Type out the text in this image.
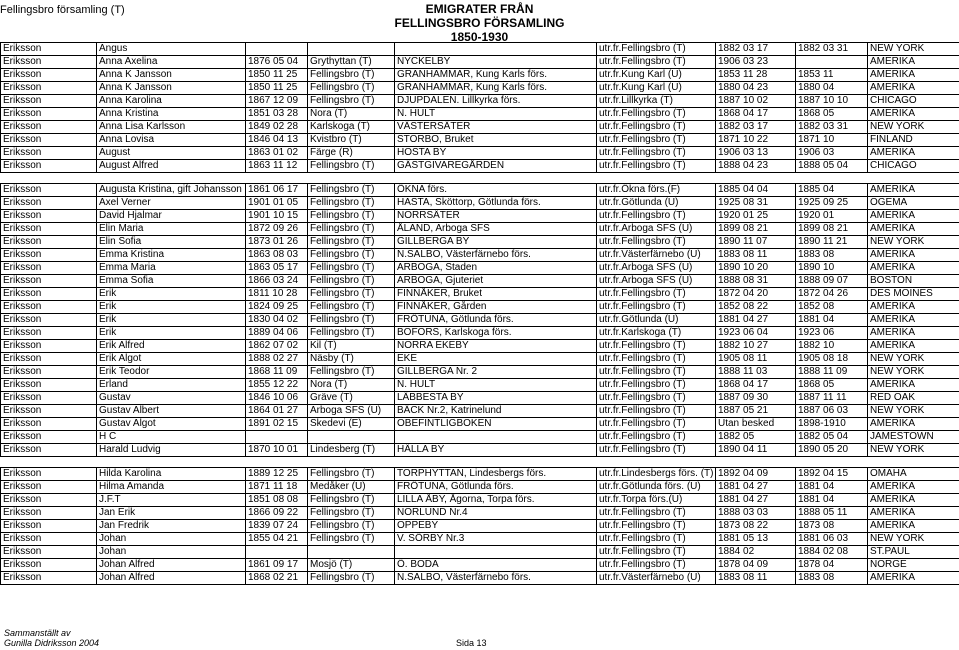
Fellingsbro församling (T)	EMIGRATER FRÅN
FELLINGSBRO FÖRSAMLING
1850-1930
Eriksson	Angus				utr.fr.Fellingsbro (T)	1882 03 17	1882 03 31	NEW YORK
Eriksson	Anna Axelina	1876 05 04	Grythyttan (T)	NYCKELBY	utr.fr.Fellingsbro (T)	1906 03 23		AMERIKA
Eriksson	Anna K Jansson	1850 11 25	Fellingsbro (T)	GRANHAMMAR, Kung Karls förs.	utr.fr.Kung Karl (U)	1853 11 28	1853 11	AMERIKA
Eriksson	Anna K Jansson	1850 11 25	Fellingsbro (T)	GRANHAMMAR, Kung Karls förs.	utr.fr.Kung Karl (U)	1880 04 23	1880 04	AMERIKA
Eriksson	Anna Karolina	1867 12 09	Fellingsbro (T)	DJUPDALEN. Lillkyrka förs.	utr.fr.Lillkyrka (T)	1887 10 02	1887 10 10	CHICAGO
Eriksson	Anna Kristina	1851 03 28	Nora (T)	N. HULT	utr.fr.Fellingsbro (T)	1868 04 17	1868 05	AMERIKA
Eriksson	Anna Lisa Karlsson	1849 02 28	Karlskoga (T)	VÄSTERSÄTER	utr.fr.Fellingsbro (T)	1882 03 17	1882 03 31	NEW YORK
Eriksson	Anna Lovisa	1846 04 13	Kvistbro (T)	STORBO, Bruket	utr.fr.Fellingsbro (T)	1871 10 22	1871 10	FINLAND
Eriksson	August	1863 01 02	Färge (R)	HOSTA BY	utr.fr.Fellingsbro (T)	1906 03 13	1906 03	AMERIKA
Eriksson	August Alfred	1863 11 12	Fellingsbro (T)	GÄSTGIVAREGÅRDEN	utr.fr.Fellingsbro (T)	1888 04 23	1888 05 04	CHICAGO

Eriksson	Augusta Kristina, gift Johansson	1861 06 17	Fellingsbro (T)	ÖKNA förs.	utr.fr.Ökna förs.(F)	1885 04 04	1885 04	AMERIKA
Eriksson	Axel Verner	1901 01 05	Fellingsbro (T)	HASTA, Sköttorp, Götlunda förs.	utr.fr.Götlunda (U)	1925 08 31	1925 09 25	OGEMA
Eriksson	David Hjalmar	1901 10 15	Fellingsbro (T)	NORRSÄTER	utr.fr.Fellingsbro (T)	1920 01 25	1920 01	AMERIKA
Eriksson	Elin Maria	1872 09 26	Fellingsbro (T)	ÅLAND, Arboga SFS	utr.fr.Arboga SFS (U)	1899 08 21	1899 08 21	AMERIKA
Eriksson	Elin Sofia	1873 01 26	Fellingsbro (T)	GILLBERGA BY	utr.fr.Fellingsbro (T)	1890 11 07	1890 11 21	NEW YORK
Eriksson	Emma Kristina	1863 08 03	Fellingsbro (T)	N.SALBO, Västerfärnebo förs.	utr.fr.Västerfärnebo (U)	1883 08 11	1883 08	AMERIKA
Eriksson	Emma Maria	1863 05 17	Fellingsbro (T)	ARBOGA, Staden	utr.fr.Arboga SFS (U)	1890 10 20	1890 10	AMERIKA
Eriksson	Emma Sofia	1866 03 24	Fellingsbro (T)	ARBOGA, Gjuteriet	utr.fr.Arboga SFS (U)	1888 08 31	1888 09 07	BOSTON
Eriksson	Erik	1811 10 28	Fellingsbro (T)	FINNÅKER, Bruket	utr.fr.Fellingsbro (T)	1872 04 20	1872 04 26	DES MOINES
Eriksson	Erik	1824 09 25	Fellingsbro (T)	FINNÅKER, Gården	utr.fr.Fellingsbro (T)	1852 08 22	1852 08	AMERIKA
Eriksson	Erik	1830 04 02	Fellingsbro (T)	FRÖTUNA, Götlunda förs.	utr.fr.Götlunda (U)	1881 04 27	1881 04	AMERIKA
Eriksson	Erik	1889 04 06	Fellingsbro (T)	BOFORS, Karlskoga förs.	utr.fr.Karlskoga (T)	1923 06 04	1923 06	AMERIKA
Eriksson	Erik Alfred	1862 07 02	Kil (T)	NORRA EKEBY	utr.fr.Fellingsbro (T)	1882 10 27	1882 10	AMERIKA
Eriksson	Erik Algot	1888 02 27	Näsby (T)	EKE	utr.fr.Fellingsbro (T)	1905 08 11	1905 08 18	NEW YORK
Eriksson	Erik Teodor	1868 11 09	Fellingsbro (T)	GILLBERGA Nr. 2	utr.fr.Fellingsbro (T)	1888 11 03	1888 11 09	NEW YORK
Eriksson	Erland	1855 12 22	Nora (T)	N. HULT	utr.fr.Fellingsbro (T)	1868 04 17	1868 05	AMERIKA
Eriksson	Gustav	1846 10 06	Gräve (T)	LÄBBESTA BY	utr.fr.Fellingsbro (T)	1887 09 30	1887 11 11	RED OAK
Eriksson	Gustav Albert	1864 01 27	Arboga SFS (U)	BÄCK Nr.2, Katrinelund	utr.fr.Fellingsbro (T)	1887 05 21	1887 06 03	NEW YORK
Eriksson	Gustav Algot	1891 02 15	Skedevi (E)	OBEFINTLIGBOKEN	utr.fr.Fellingsbro (T)	Utan besked	1898-1910	AMERIKA
Eriksson	H C				utr.fr.Fellingsbro (T)	1882 05	1882 05 04	JAMESTOWN
Eriksson	Harald Ludvig	1870 10 01	Lindesberg (T)	HÄLLA BY	utr.fr.Fellingsbro (T)	1890 04 11	1890 05 20	NEW YORK

Eriksson	Hilda Karolina	1889 12 25	Fellingsbro (T)	TORPHYTTAN, Lindesbergs förs.	utr.fr.Lindesbergs förs. (T)	1892 04 09	1892 04 15	OMAHA
Eriksson	Hilma Amanda	1871 11 18	Medåker (U)	FRÖTUNA, Götlunda förs.	utr.fr.Götlunda förs. (U)	1881 04 27	1881 04	AMERIKA
Eriksson	J.F.T	1851 08 08	Fellingsbro (T)	LILLA ÅBY, Ågorna, Torpa förs.	utr.fr.Torpa förs.(U)	1881 04 27	1881 04	AMERIKA
Eriksson	Jan Erik	1866 09 22	Fellingsbro (T)	NORLUND Nr.4	utr.fr.Fellingsbro (T)	1888 03 03	1888 05 11	AMERIKA
Eriksson	Jan Fredrik	1839 07 24	Fellingsbro (T)	OPPEBY	utr.fr.Fellingsbro (T)	1873 08 22	1873 08	AMERIKA
Eriksson	Johan	1855 04 21	Fellingsbro (T)	V. SÖRBY Nr.3	utr.fr.Fellingsbro (T)	1881 05 13	1881 06 03	NEW YORK
Eriksson	Johan				utr.fr.Fellingsbro (T)	1884 02	1884 02 08	ST.PAUL
Eriksson	Johan Alfred	1861 09 17	Mosjö (T)	Ö. BODA	utr.fr.Fellingsbro (T)	1878 04 09	1878 04	NORGE
Eriksson	Johan Alfred	1868 02 21	Fellingsbro (T)	N.SALBO, Västerfärnebo förs.	utr.fr.Västerfärnebo (U)	1883 08 11	1883 08	AMERIKA
Sammanställt av
Gunilla Didriksson 2004	Sida 13
